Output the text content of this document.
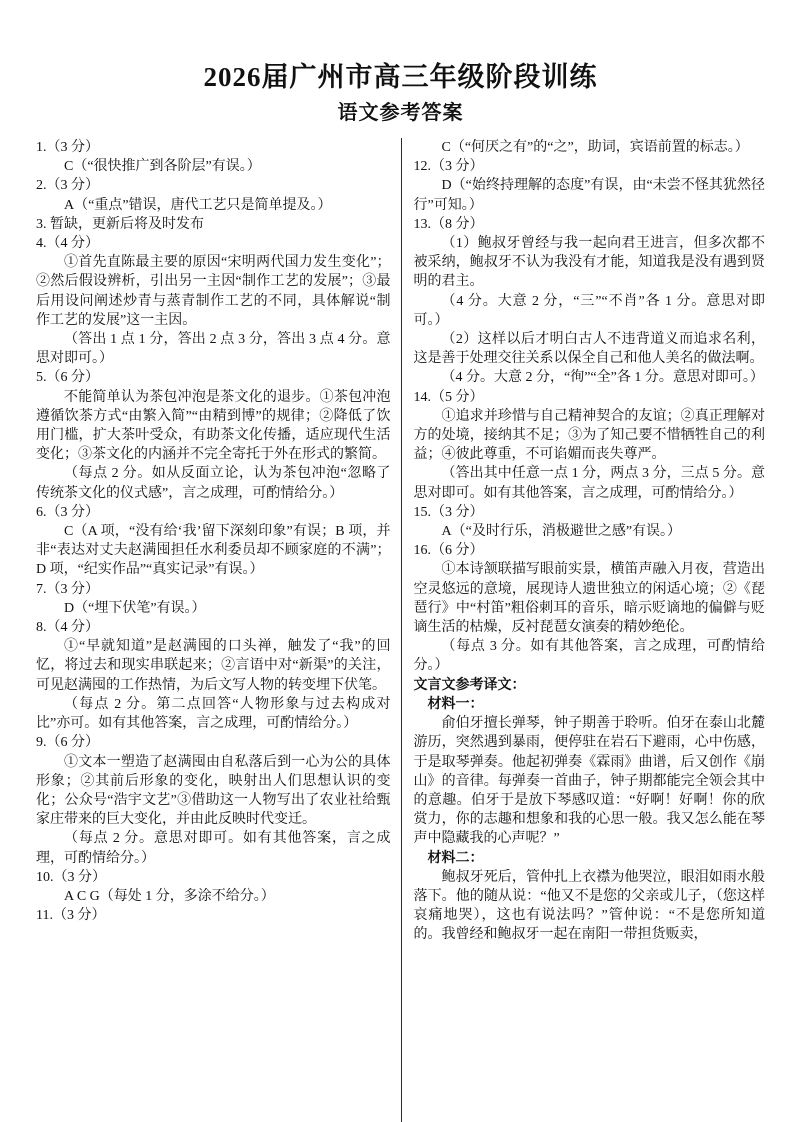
2026届广州市高三年级阶段训练
语文参考答案

1.（3 分）

C（“很快推广到各阶层”有误。）

2.（3 分）

A（“重点”错误，唐代工艺只是简单提及。）

3. 暂缺，更新后将及时发布

4.（4 分）

①首先直陈最主要的原因“宋明两代国力发生变化”；②然后假设辨析，引出另一主因“制作工艺的发展”；③最后用设问阐述炒青与蒸青制作工艺的不同，具体解说“制作工艺的发展”这一主因。

（答出 1 点 1 分，答出 2 点 3 分，答出 3 点 4 分。意思对即可。）

5.（6 分）

不能简单认为茶包冲泡是茶文化的退步。①茶包冲泡遵循饮茶方式“由繁入简”“由精到博”的规律；②降低了饮用门槛，扩大茶叶受众，有助茶文化传播，适应现代生活变化；③茶文化的内涵并不完全寄托于外在形式的繁简。

（每点 2 分。如从反面立论，认为茶包冲泡“忽略了传统茶文化的仪式感”，言之成理，可酌情给分。）

6.（3 分）

C（A 项，“没有给‘我’留下深刻印象”有误；B 项，并非“表达对丈夫赵满囤担任水利委员却不顾家庭的不满”；D 项，“纪实作品”“真实记录”有误。）

7.（3 分）

D（“埋下伏笔”有误。）

8.（4 分）

①“早就知道”是赵满囤的口头禅，触发了“我”的回忆，将过去和现实串联起来；②言语中对“新渠”的关注，可见赵满囤的工作热情，为后文写人物的转变埋下伏笔。

（每点 2 分。第二点回答“人物形象与过去构成对比”亦可。如有其他答案，言之成理，可酌情给分。）

9.（6 分）

①文本一塑造了赵满囤由自私落后到一心为公的具体形象；②其前后形象的变化，映射出人们思想认识的变化；公众号“浩宇文艺”③借助这一人物写出了农业社给甄家庄带来的巨大变化，并由此反映时代变迁。

（每点 2 分。意思对即可。如有其他答案，言之成理，可酌情给分。）

10.（3 分）

A C G（每处 1 分，多涂不给分。）

11.（3 分）

C（“何厌之有”的“之”，助词，宾语前置的标志。）

12.（3 分）

D（“始终持理解的态度”有误，由“未尝不怪其犹然径行”可知。）

13.（8 分）

（1）鲍叔牙曾经与我一起向君王进言，但多次都不被采纳，鲍叔牙不认为我没有才能，知道我是没有遇到贤明的君主。

（4 分。大意 2 分，“三”“不肖”各 1 分。意思对即可。）

（2）这样以后才明白古人不违背道义而追求名利，这是善于处理交往关系以保全自己和他人美名的做法啊。

（4 分。大意 2 分，“徇”“全”各 1 分。意思对即可。）

14.（5 分）

①追求并珍惜与自己精神契合的友谊；②真正理解对方的处境，接纳其不足；③为了知己要不惜牺牲自己的利益；④彼此尊重，不可谄媚而丧失尊严。

（答出其中任意一点 1 分，两点 3 分，三点 5 分。意思对即可。如有其他答案，言之成理，可酌情给分。）

15.（3 分）

A（“及时行乐，消极避世之感”有误。）

16.（6 分）

①本诗颔联描写眼前实景，横笛声融入月夜，营造出空灵悠远的意境，展现诗人遗世独立的闲适心境；②《琵琶行》中“村笛”粗俗刺耳的音乐，暗示贬谪地的偏僻与贬谪生活的枯燥，反衬琵琶女演奏的精妙绝伦。

（每点 3 分。如有其他答案，言之成理，可酌情给分。）

文言文参考译文：

材料一：

俞伯牙擅长弹琴，钟子期善于聆听。伯牙在泰山北麓游历，突然遇到暴雨，便停驻在岩石下避雨，心中伤感，于是取琴弹奏。他起初弹奏《霖雨》曲谱，后又创作《崩山》的音律。每弹奏一首曲子，钟子期都能完全领会其中的意趣。伯牙于是放下琴感叹道：“好啊！好啊！你的欣赏力，你的志趣和想象和我的心思一般。我又怎么能在琴声中隐藏我的心声呢？”

材料二：

鲍叔牙死后，管仲扎上衣襟为他哭泣，眼泪如雨水般落下。他的随从说：“他又不是您的父亲或儿子，（您这样哀痛地哭），这也有说法吗？”管仲说：“不是您所知道的。我曾经和鲍叔牙一起在南阳一带担货贩卖，
